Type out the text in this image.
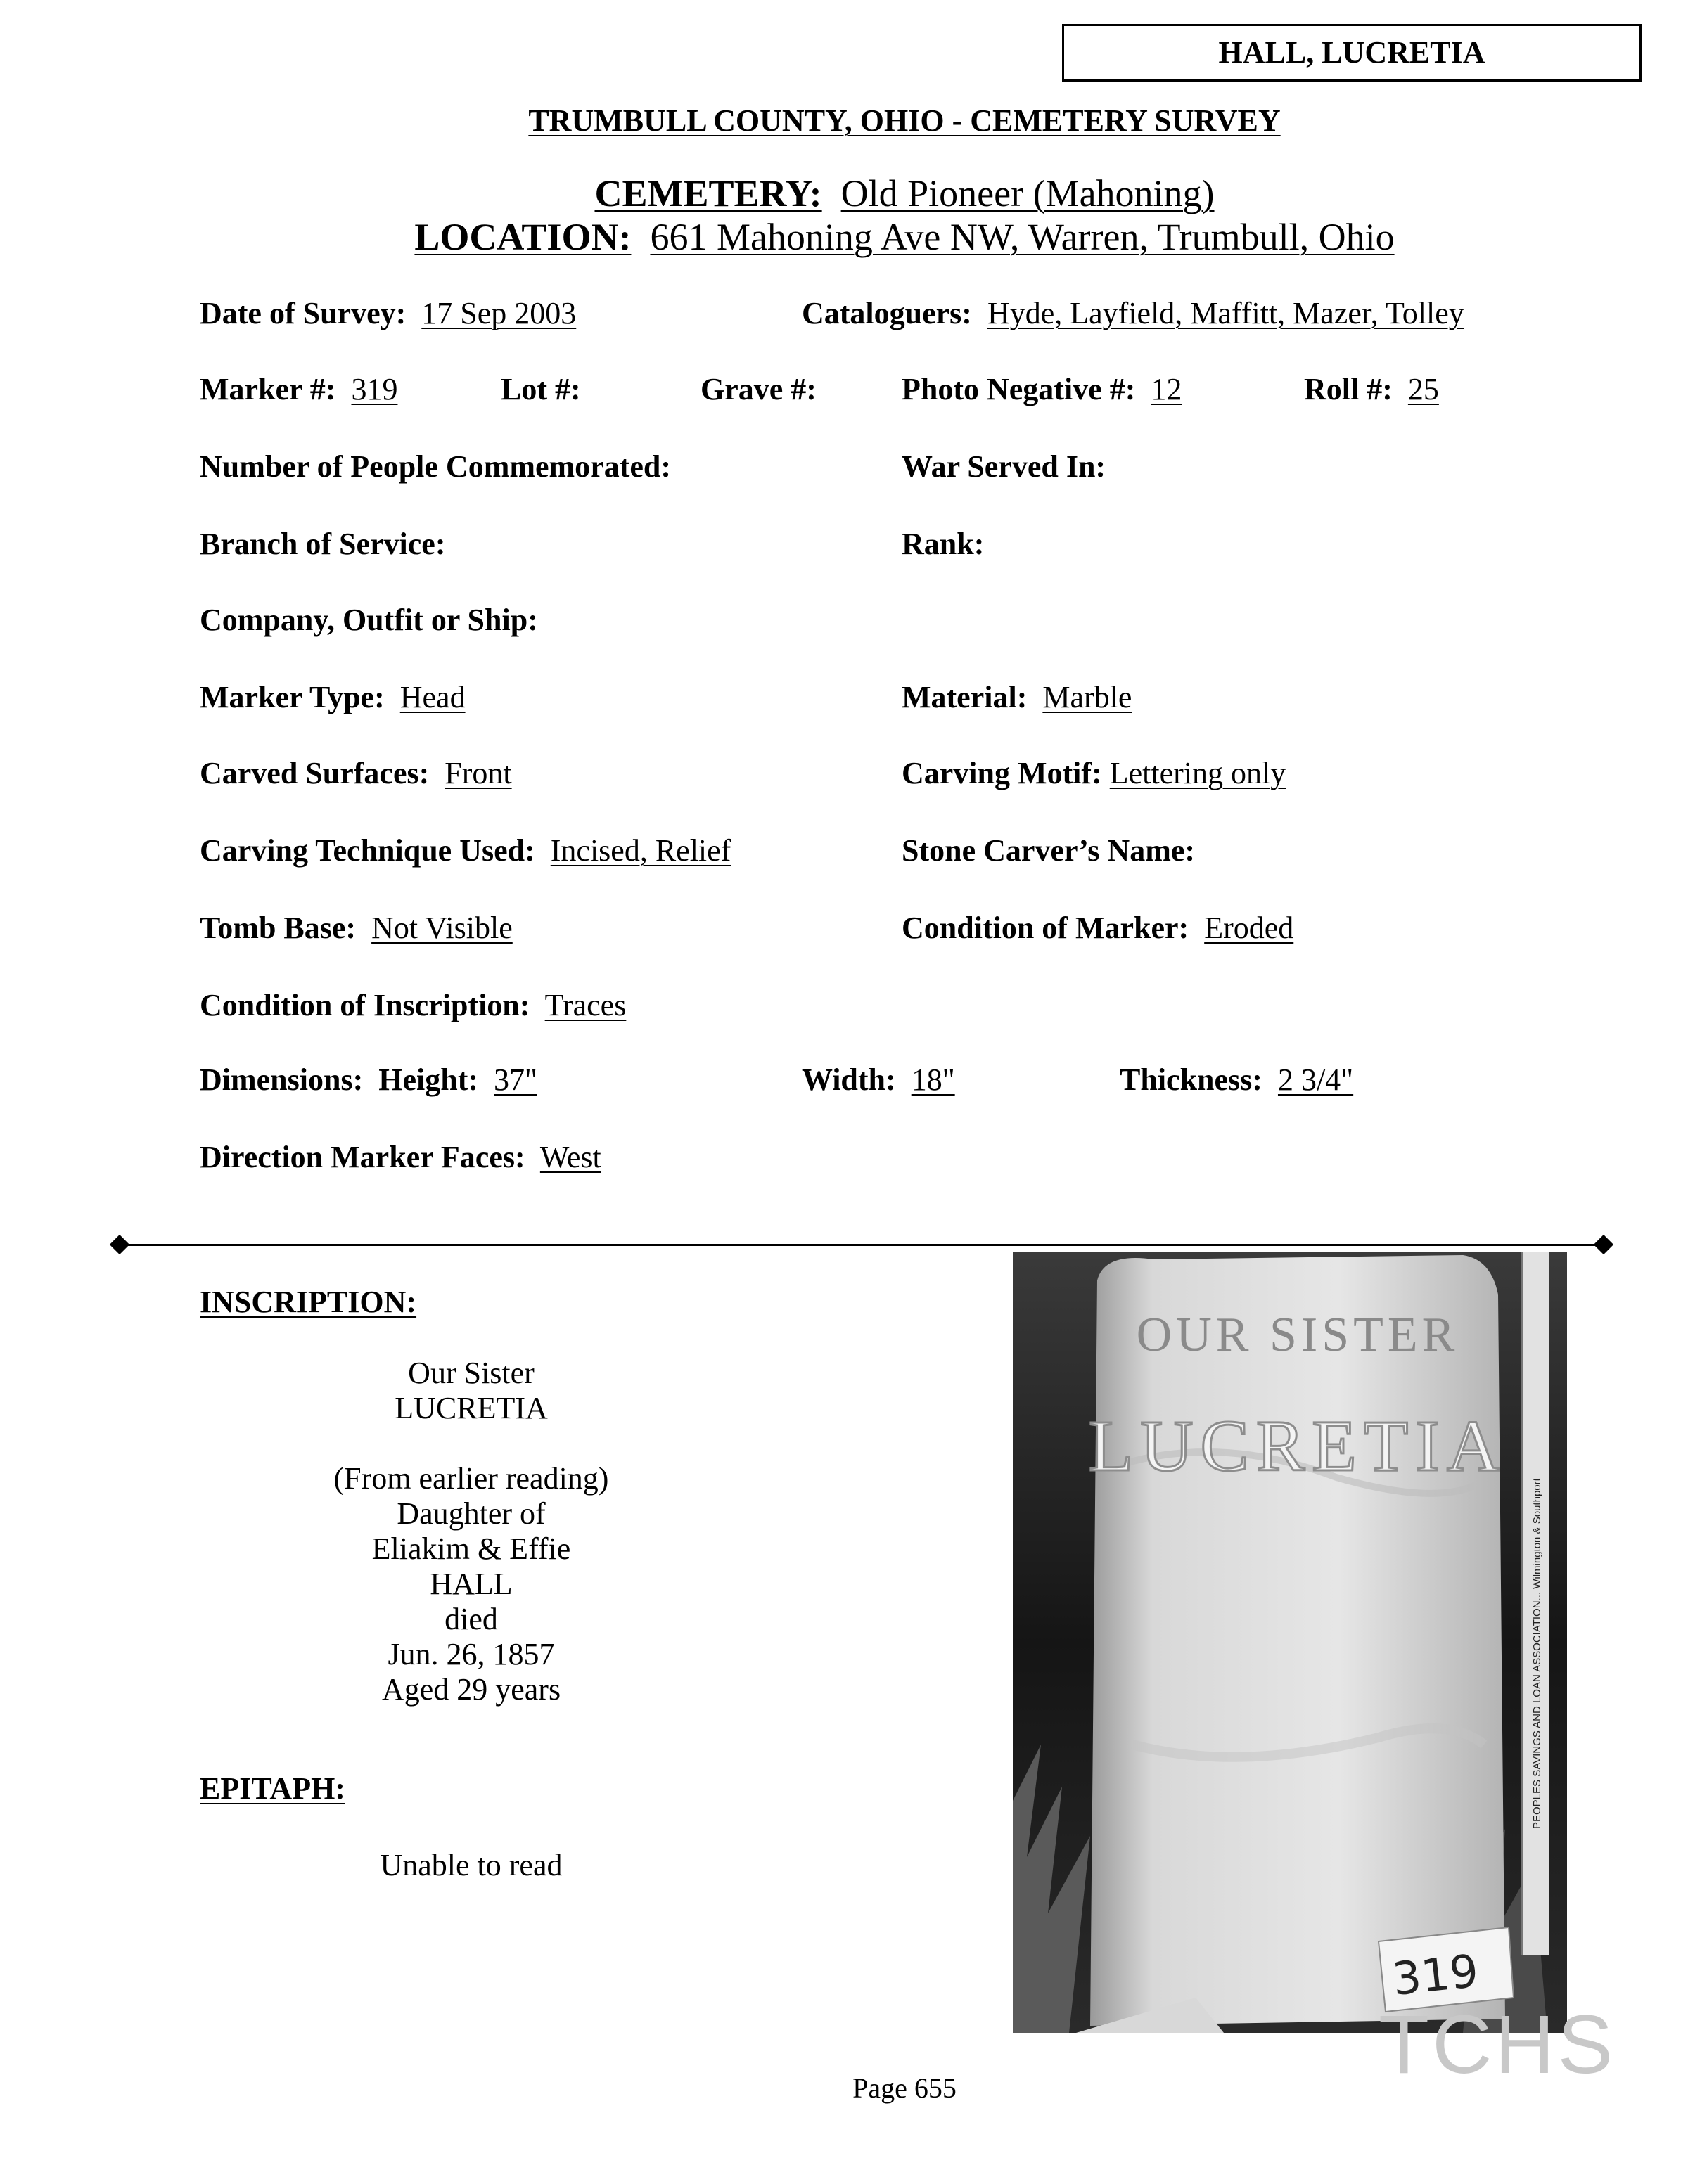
HALL, LUCRETIA
TRUMBULL COUNTY, OHIO - CEMETERY SURVEY
CEMETERY: Old Pioneer (Mahoning)
LOCATION: 661 Mahoning Ave NW, Warren, Trumbull, Ohio
Date of Survey: 17 Sep 2003	Cataloguers: Hyde, Layfield, Maffitt, Mazer, Tolley
Marker #: 319	Lot #:	Grave #:	Photo Negative #: 12	Roll #: 25
Number of People Commemorated:	War Served In:
Branch of Service:	Rank:
Company, Outfit or Ship:
Marker Type: Head	Material: Marble
Carved Surfaces: Front	Carving Motif: Lettering only
Carving Technique Used: Incised, Relief	Stone Carver’s Name:
Tomb Base: Not Visible	Condition of Marker: Eroded
Condition of Inscription: Traces
Dimensions: Height: 37"	Width: 18"	Thickness: 2 3/4"
Direction Marker Faces: West
INSCRIPTION:
Our Sister
LUCRETIA
(From earlier reading)
Daughter of
Eliakim & Effie
HALL
died
Jun. 26, 1857
Aged 29 years
EPITAPH:
Unable to read
OUR SISTER
LUCRETIA
PEOPLES SAVINGS AND LOAN ASSOCIATION... Wilmington & Southport
319
TCHS
Page 655
